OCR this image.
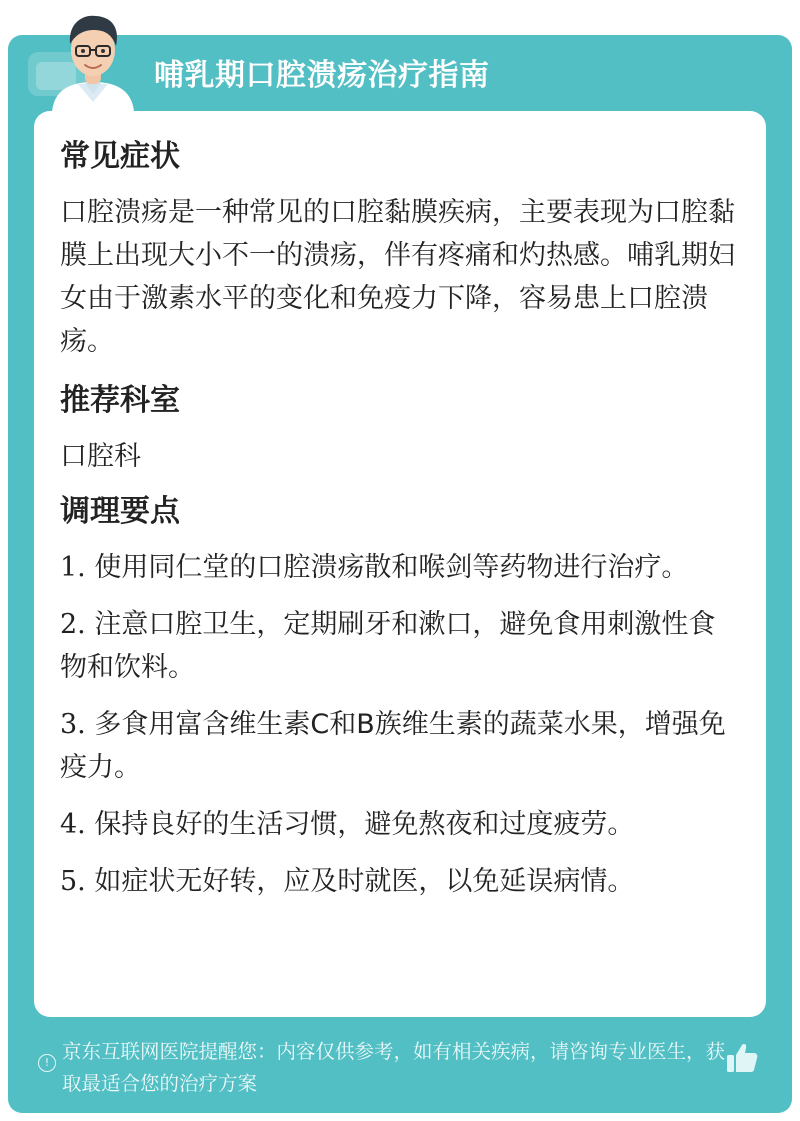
哺乳期口腔溃疡治疗指南
常见症状
口腔溃疡是一种常见的口腔黏膜疾病，主要表现为口腔黏膜上出现大小不一的溃疡，伴有疼痛和灼热感。哺乳期妇女由于激素水平的变化和免疫力下降，容易患上口腔溃疡。
推荐科室
口腔科
调理要点
1. 使用同仁堂的口腔溃疡散和喉剑等药物进行治疗。
2. 注意口腔卫生，定期刷牙和漱口，避免食用刺激性食物和饮料。
3. 多食用富含维生素C和B族维生素的蔬菜水果，增强免疫力。
4. 保持良好的生活习惯，避免熬夜和过度疲劳。
5. 如症状无好转，应及时就医，以免延误病情。
! 京东互联网医院提醒您：内容仅供参考，如有相关疾病，请咨询专业医生，获取最适合您的治疗方案
